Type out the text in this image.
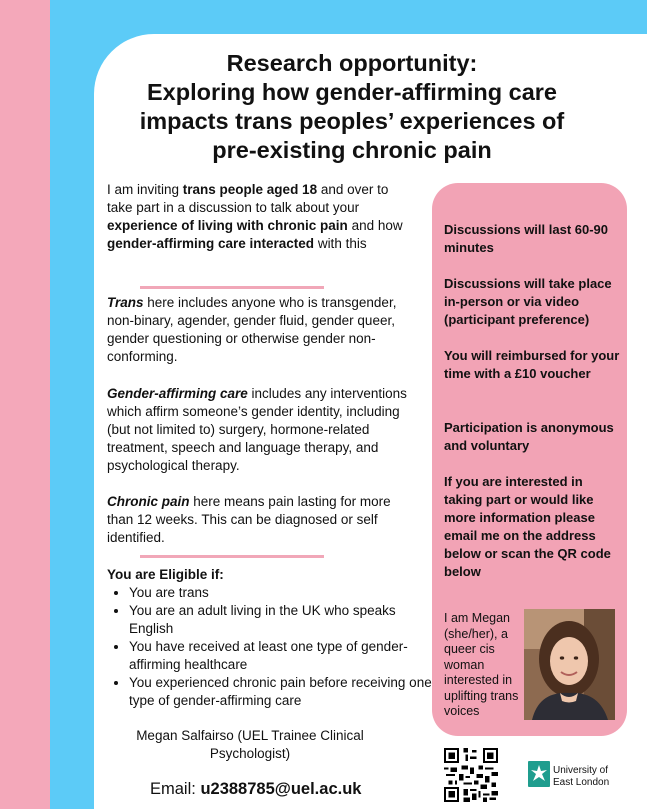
Research opportunity:
Exploring how gender-affirming care
impacts trans peoples’ experiences of
pre-existing chronic pain
I am inviting trans people aged 18 and over to take part in a discussion to talk about your experience of living with chronic pain and how gender-affirming care interacted with this
Trans here includes anyone who is transgender, non-binary, agender, gender fluid, gender queer, gender questioning or otherwise gender non-conforming.
Gender-affirming care includes any interventions which affirm someone’s gender identity, including (but not limited to) surgery, hormone-related treatment, speech and language therapy, and psychological therapy.
Chronic pain here means pain lasting for more than 12 weeks. This can be diagnosed or self identified.
You are Eligible if:
• You are trans
• You are an adult living in the UK who speaks English
• You have received at least one type of gender-affirming healthcare
• You experienced chronic pain before receiving one type of gender-affirming care
Megan Salfairso (UEL Trainee Clinical
Psychologist)
Email: u2388785@uel.ac.uk
Discussions will last 60-90 minutes
Discussions will take place in-person or via video (participant preference)
You will reimbursed for your time with a £10 voucher
Participation is anonymous and voluntary
If you are interested in taking part or would like more information please email me on the address below or scan the QR code below
I am Megan (she/her), a queer cis woman interested in uplifting trans voices
University of
East London
